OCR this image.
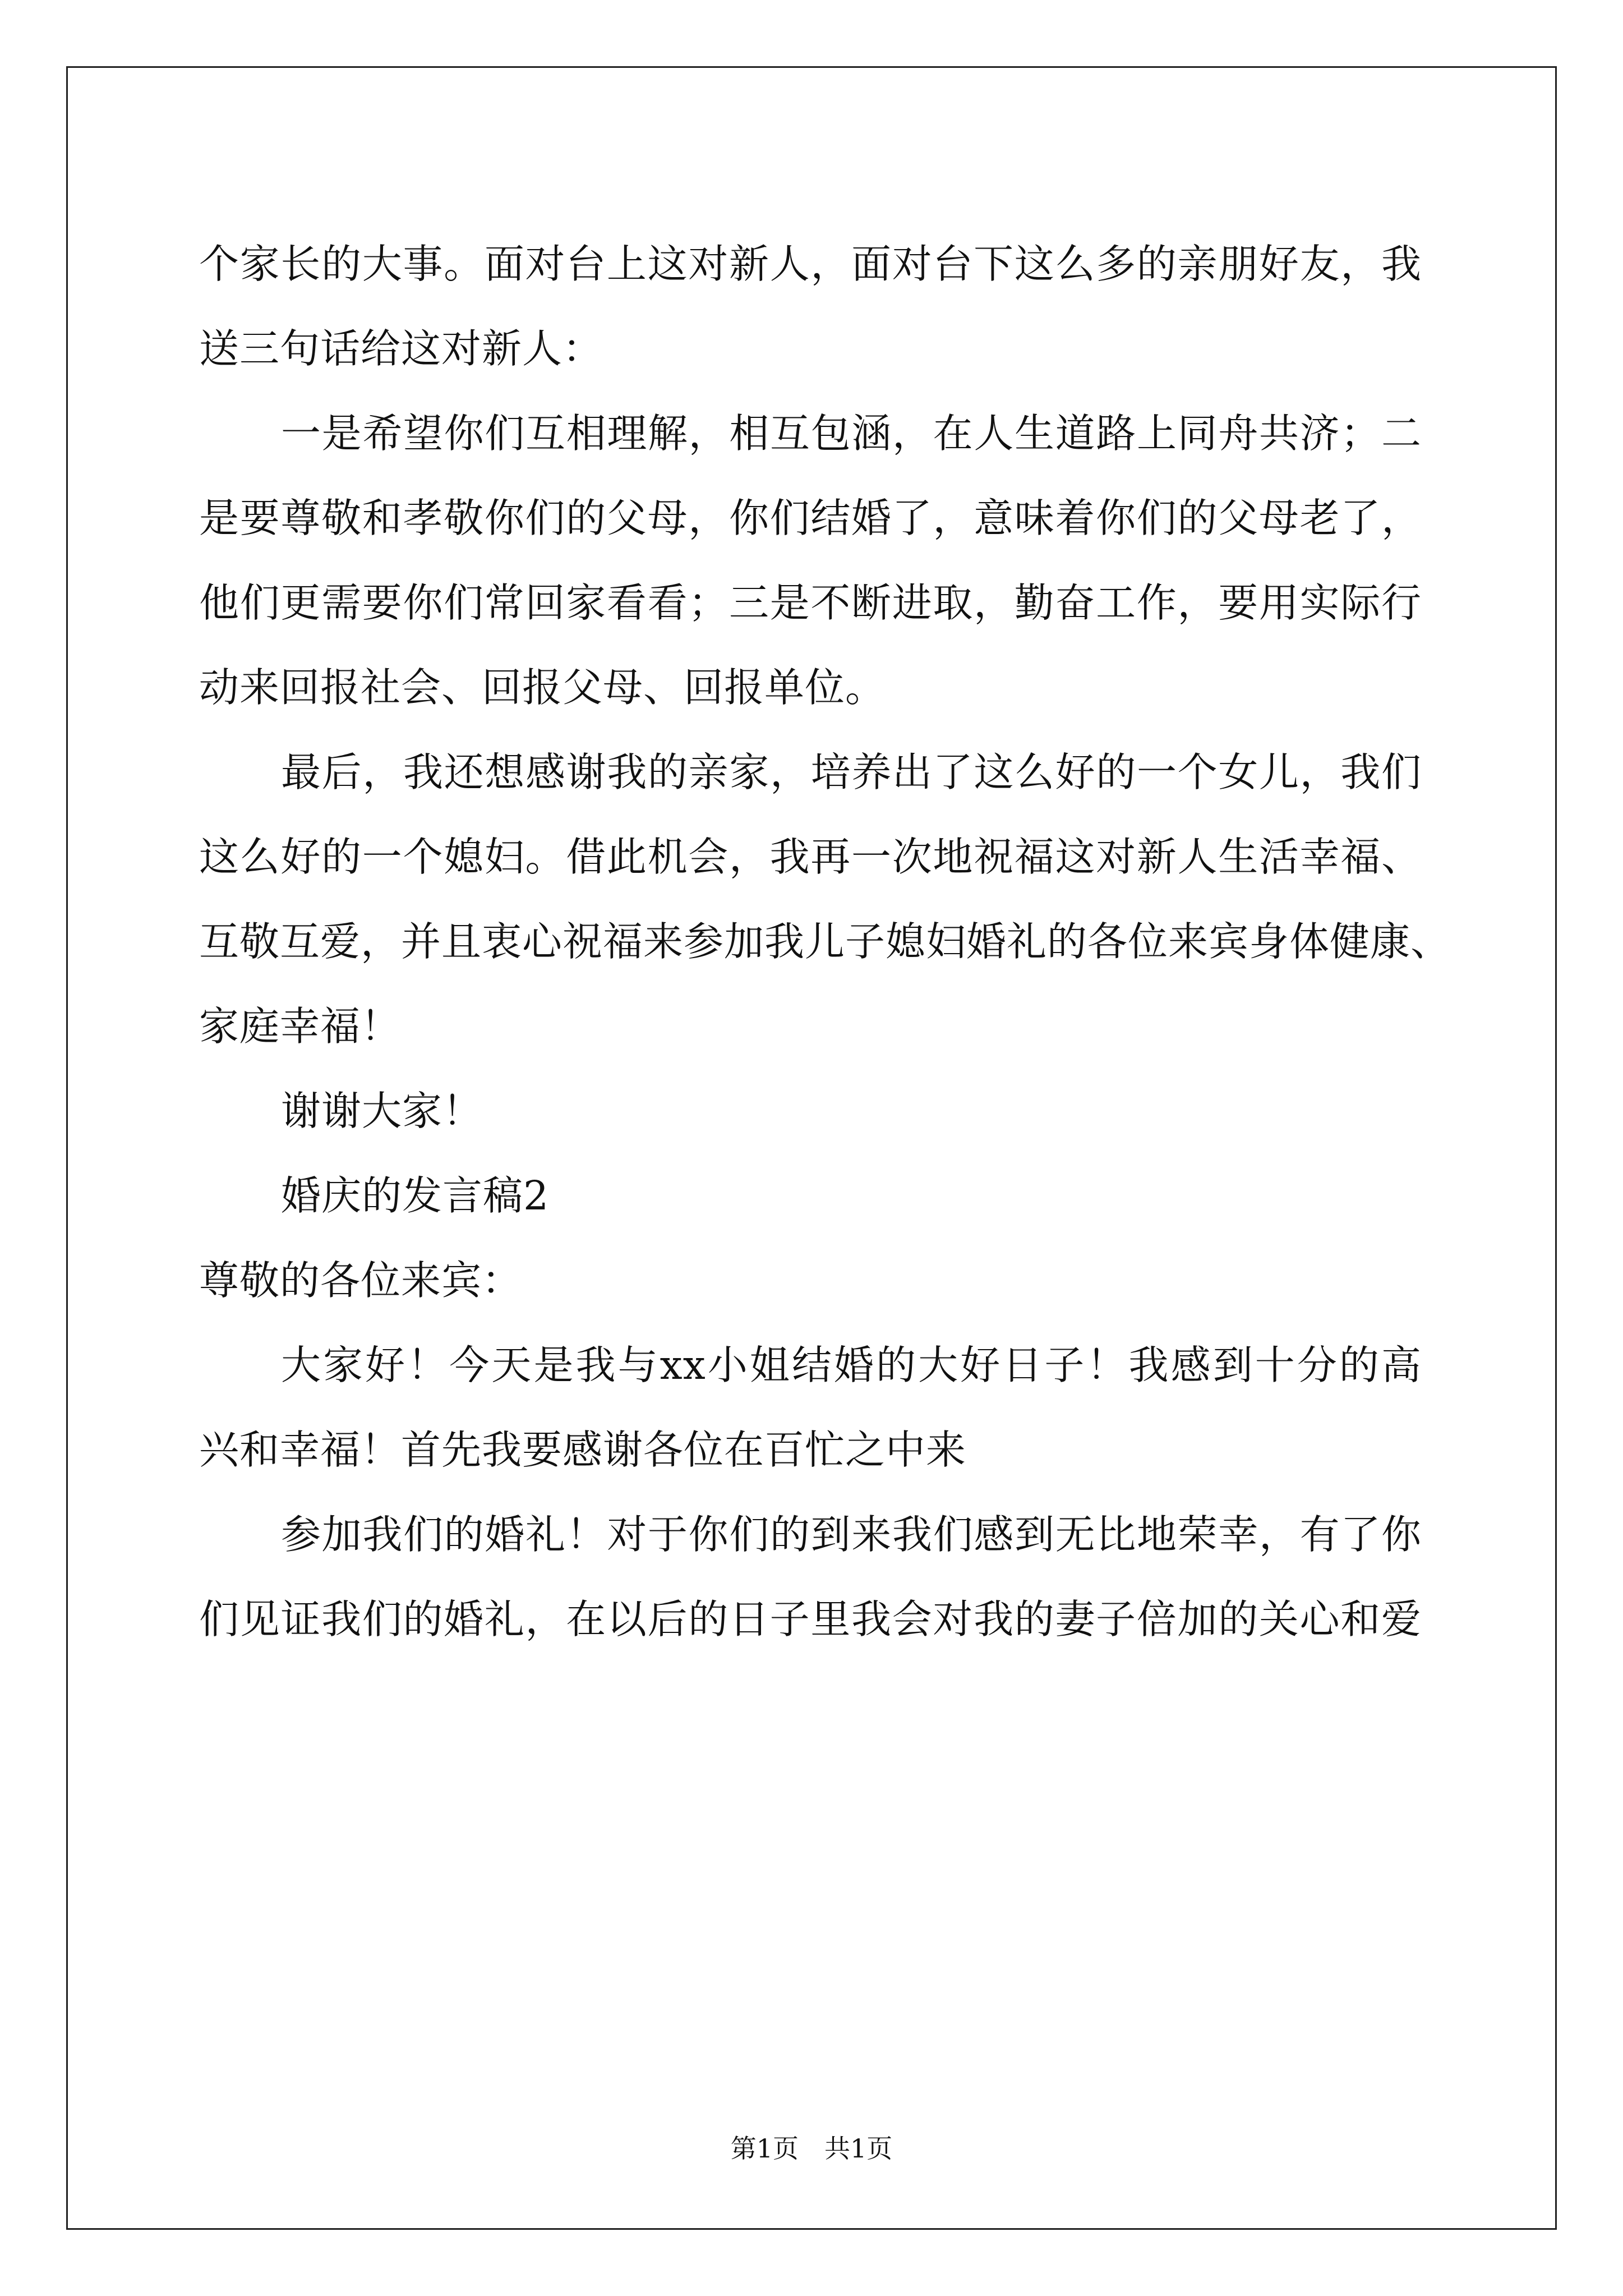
个家长的大事。面对台上这对新人，面对台下这么多的亲朋好友，我
送三句话给这对新人：
一是希望你们互相理解，相互包涵，在人生道路上同舟共济；二
是要尊敬和孝敬你们的父母，你们结婚了，意味着你们的父母老了，
他们更需要你们常回家看看；三是不断进取，勤奋工作，要用实际行
动来回报社会、回报父母、回报单位。
最后，我还想感谢我的亲家，培养出了这么好的一个女儿，我们
这么好的一个媳妇。借此机会，我再一次地祝福这对新人生活幸福、
互敬互爱，并且衷心祝福来参加我儿子媳妇婚礼的各位来宾身体健康、
家庭幸福！
谢谢大家！
婚庆的发言稿2
尊敬的各位来宾：
大家好！今天是我与xx小姐结婚的大好日子！我感到十分的高
兴和幸福！首先我要感谢各位在百忙之中来
参加我们的婚礼！对于你们的到来我们感到无比地荣幸，有了你
们见证我们的婚礼，在以后的日子里我会对我的妻子倍加的关心和爱
第1页　共1页
